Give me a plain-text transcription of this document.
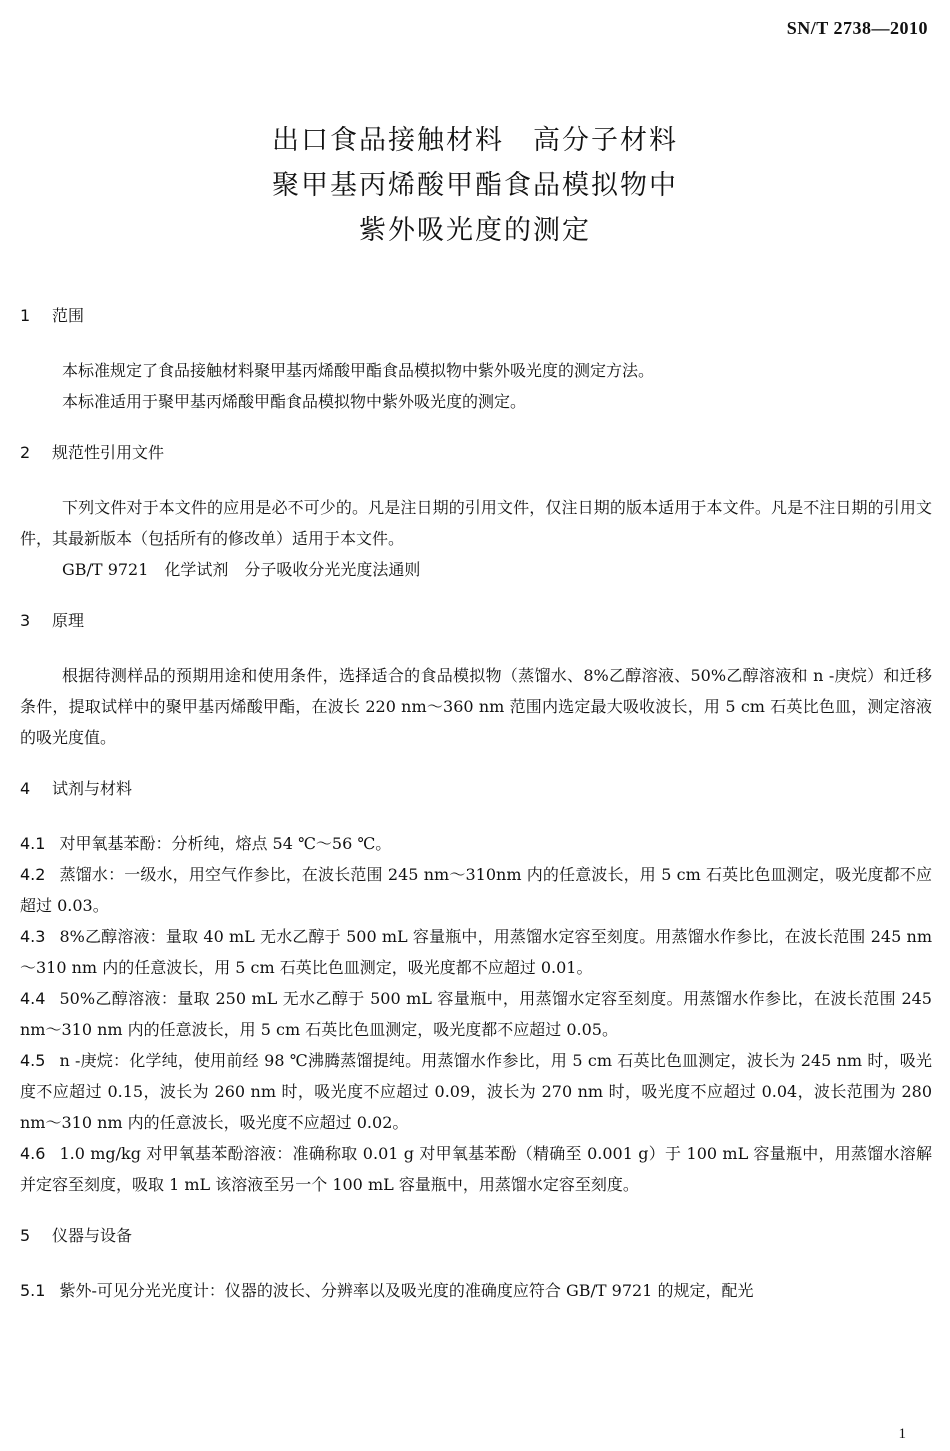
SN/T 2738—2010
出口食品接触材料　高分子材料
聚甲基丙烯酸甲酯食品模拟物中
紫外吸光度的测定
1 范围

本标准规定了食品接触材料聚甲基丙烯酸甲酯食品模拟物中紫外吸光度的测定方法。

本标准适用于聚甲基丙烯酸甲酯食品模拟物中紫外吸光度的测定。

2 规范性引用文件

下列文件对于本文件的应用是必不可少的。凡是注日期的引用文件，仅注日期的版本适用于本文件。凡是不注日期的引用文件，其最新版本（包括所有的修改单）适用于本文件。

GB/T 9721　化学试剂　分子吸收分光光度法通则

3 原理

根据待测样品的预期用途和使用条件，选择适合的食品模拟物（蒸馏水、8%乙醇溶液、50%乙醇溶液和 n -庚烷）和迁移条件，提取试样中的聚甲基丙烯酸甲酯，在波长 220 nm～360 nm 范围内选定最大吸收波长，用 5 cm 石英比色皿，测定溶液的吸光度值。

4 试剂与材料

4.1 对甲氧基苯酚：分析纯，熔点 54 ℃～56 ℃。

4.2 蒸馏水：一级水，用空气作参比，在波长范围 245 nm～310nm 内的任意波长，用 5 cm 石英比色皿测定，吸光度都不应超过 0.03。

4.3 8%乙醇溶液：量取 40 mL 无水乙醇于 500 mL 容量瓶中，用蒸馏水定容至刻度。用蒸馏水作参比，在波长范围 245 nm～310 nm 内的任意波长，用 5 cm 石英比色皿测定，吸光度都不应超过 0.01。

4.4 50%乙醇溶液：量取 250 mL 无水乙醇于 500 mL 容量瓶中，用蒸馏水定容至刻度。用蒸馏水作参比，在波长范围 245 nm～310 nm 内的任意波长，用 5 cm 石英比色皿测定，吸光度都不应超过 0.05。

4.5 n -庚烷：化学纯，使用前经 98 ℃沸腾蒸馏提纯。用蒸馏水作参比，用 5 cm 石英比色皿测定，波长为 245 nm 时，吸光度不应超过 0.15，波长为 260 nm 时，吸光度不应超过 0.09，波长为 270 nm 时，吸光度不应超过 0.04，波长范围为 280 nm～310 nm 内的任意波长，吸光度不应超过 0.02。

4.6 1.0 mg/kg 对甲氧基苯酚溶液：准确称取 0.01 g 对甲氧基苯酚（精确至 0.001 g）于 100 mL 容量瓶中，用蒸馏水溶解并定容至刻度，吸取 1 mL 该溶液至另一个 100 mL 容量瓶中，用蒸馏水定容至刻度。

5 仪器与设备

5.1 紫外-可见分光光度计：仪器的波长、分辨率以及吸光度的准确度应符合 GB/T 9721 的规定，配光

1
